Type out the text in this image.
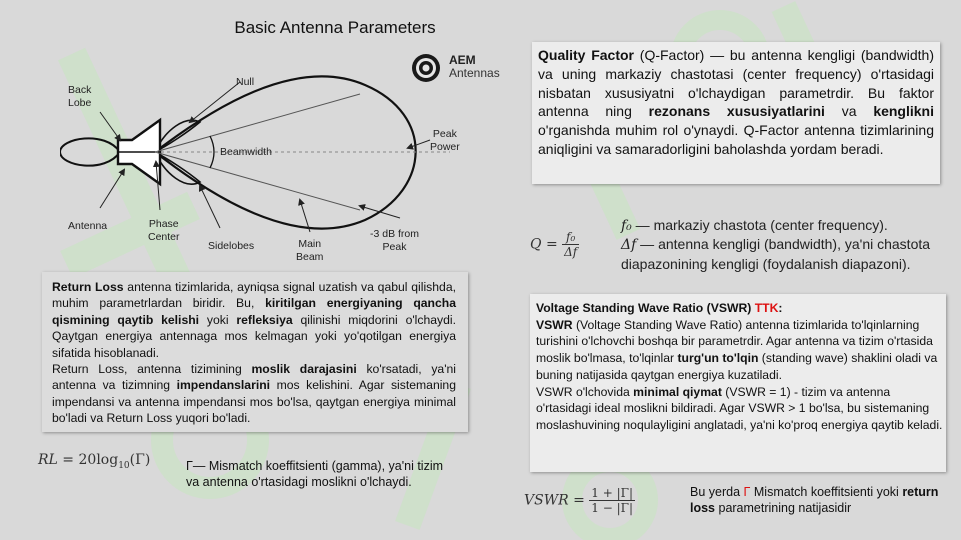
Basic Antenna Parameters
AEM
Antennas
Back
Lobe
Null
Beamwidth
Peak
Power
Antenna	Phase
Center
Sidelobes	Main
Beam
-3 dB from
Peak
Return Loss antenna tizimlarida, ayniqsa signal uzatish va qabul qilishda, muhim parametrlardan biridir. Bu, kiritilgan energiyaning qancha qismining qaytib kelishi yoki refleksiya qilinishi miqdorini o'lchaydi. Qaytgan energiya antennaga mos kelmagan yoki yo'qotilgan energiya sifatida hisoblanadi.
Return Loss, antenna tizimining moslik darajasini ko'rsatadi, ya'ni antenna va tizimning impendanslarini mos kelishini. Agar sistemaning impendansi va antenna impendansi mos bo'lsa, qaytgan energiya minimal bo'ladi va Return Loss yuqori bo'ladi.
RL = $20\log_{10}(\Gamma)$	Γ— Mismatch koeffitsienti (gamma), ya'ni tizim va antenna o'rtasidagi moslikni o'lchaydi.
Quality Factor (Q-Factor) — bu antenna kengligi (bandwidth) va uning markaziy chastotasi (center frequency) o'rtasidagi nisbatan xususiyatni o'lchaydigan parametrdir. Bu faktor antenna ning rezonans xususiyatlarini va kenglikni o'rganishda muhim rol o'ynaydi. Q-Factor antenna tizimlarining aniqligini va samaradorligini baholashda yordam beradi.
$Q = \frac{\text{f₀}}{\Delta f}$
f₀ — markaziy chastota (center frequency).
Δf — antenna kengligi (bandwidth), ya'ni chastota diapazonining kengligi (foydalanish diapazoni).
Voltage Standing Wave Ratio (VSWR) TTK:
VSWR (Voltage Standing Wave Ratio) antenna tizimlarida to'lqinlarning turishini o'lchovchi boshqa bir parametrdir. Agar antenna va tizim o'rtasida moslik bo'lmasa, to'lqinlar turg'un to'lqin (standing wave) shaklini oladi va buning natijasida qaytgan energiya kuzatiladi.
VSWR o'lchovida minimal qiymat (VSWR = 1) - tizim va antenna o'rtasidagi ideal moslikni bildiradi. Agar VSWR > 1 bo'lsa, bu sistemaning moslashuvining noqulayligini anglatadi, ya'ni ko'proq energiya qaytib keladi.
VSWR = $\frac{1 + |\Gamma|}{1 - |\Gamma|}$	Bu yerda Γ Mismatch koeffitsienti yoki return loss parametrining natijasidir
